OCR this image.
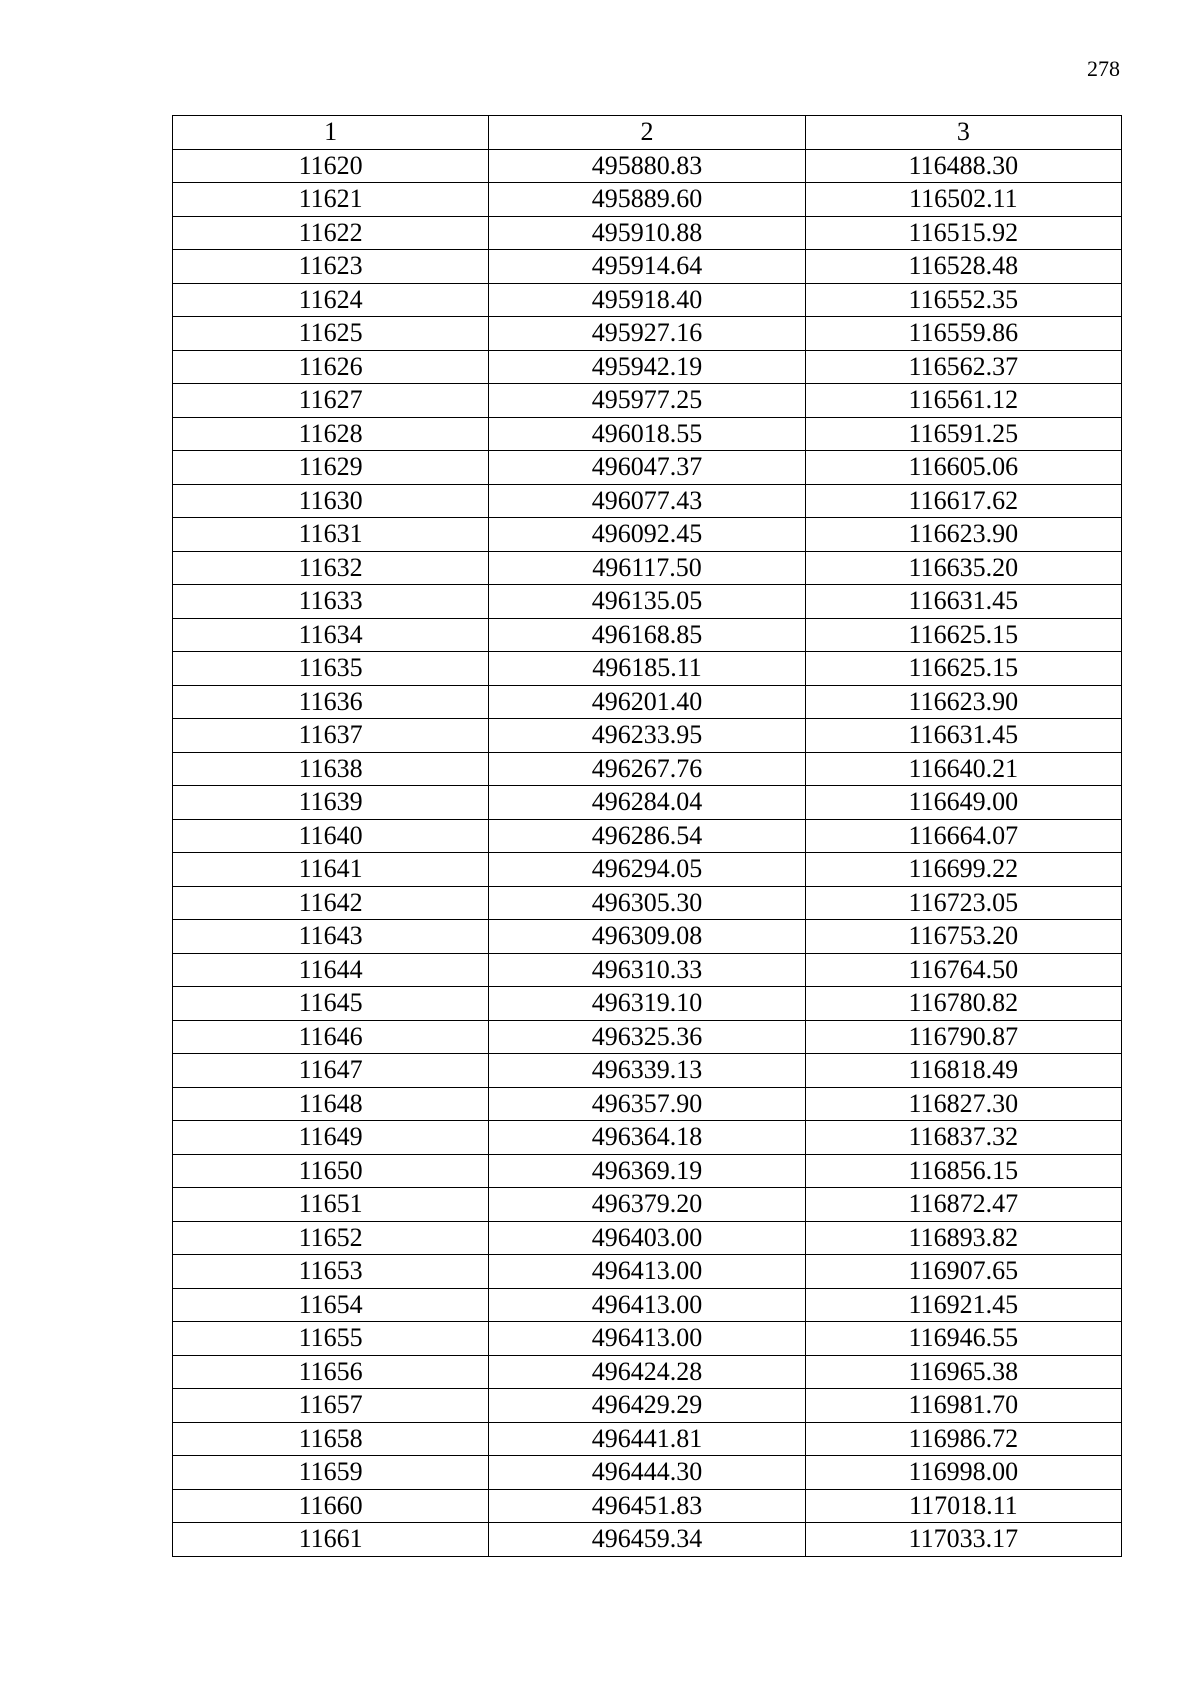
278
1	2	3
11620	495880.83	116488.30
11621	495889.60	116502.11
11622	495910.88	116515.92
11623	495914.64	116528.48
11624	495918.40	116552.35
11625	495927.16	116559.86
11626	495942.19	116562.37
11627	495977.25	116561.12
11628	496018.55	116591.25
11629	496047.37	116605.06
11630	496077.43	116617.62
11631	496092.45	116623.90
11632	496117.50	116635.20
11633	496135.05	116631.45
11634	496168.85	116625.15
11635	496185.11	116625.15
11636	496201.40	116623.90
11637	496233.95	116631.45
11638	496267.76	116640.21
11639	496284.04	116649.00
11640	496286.54	116664.07
11641	496294.05	116699.22
11642	496305.30	116723.05
11643	496309.08	116753.20
11644	496310.33	116764.50
11645	496319.10	116780.82
11646	496325.36	116790.87
11647	496339.13	116818.49
11648	496357.90	116827.30
11649	496364.18	116837.32
11650	496369.19	116856.15
11651	496379.20	116872.47
11652	496403.00	116893.82
11653	496413.00	116907.65
11654	496413.00	116921.45
11655	496413.00	116946.55
11656	496424.28	116965.38
11657	496429.29	116981.70
11658	496441.81	116986.72
11659	496444.30	116998.00
11660	496451.83	117018.11
11661	496459.34	117033.17
